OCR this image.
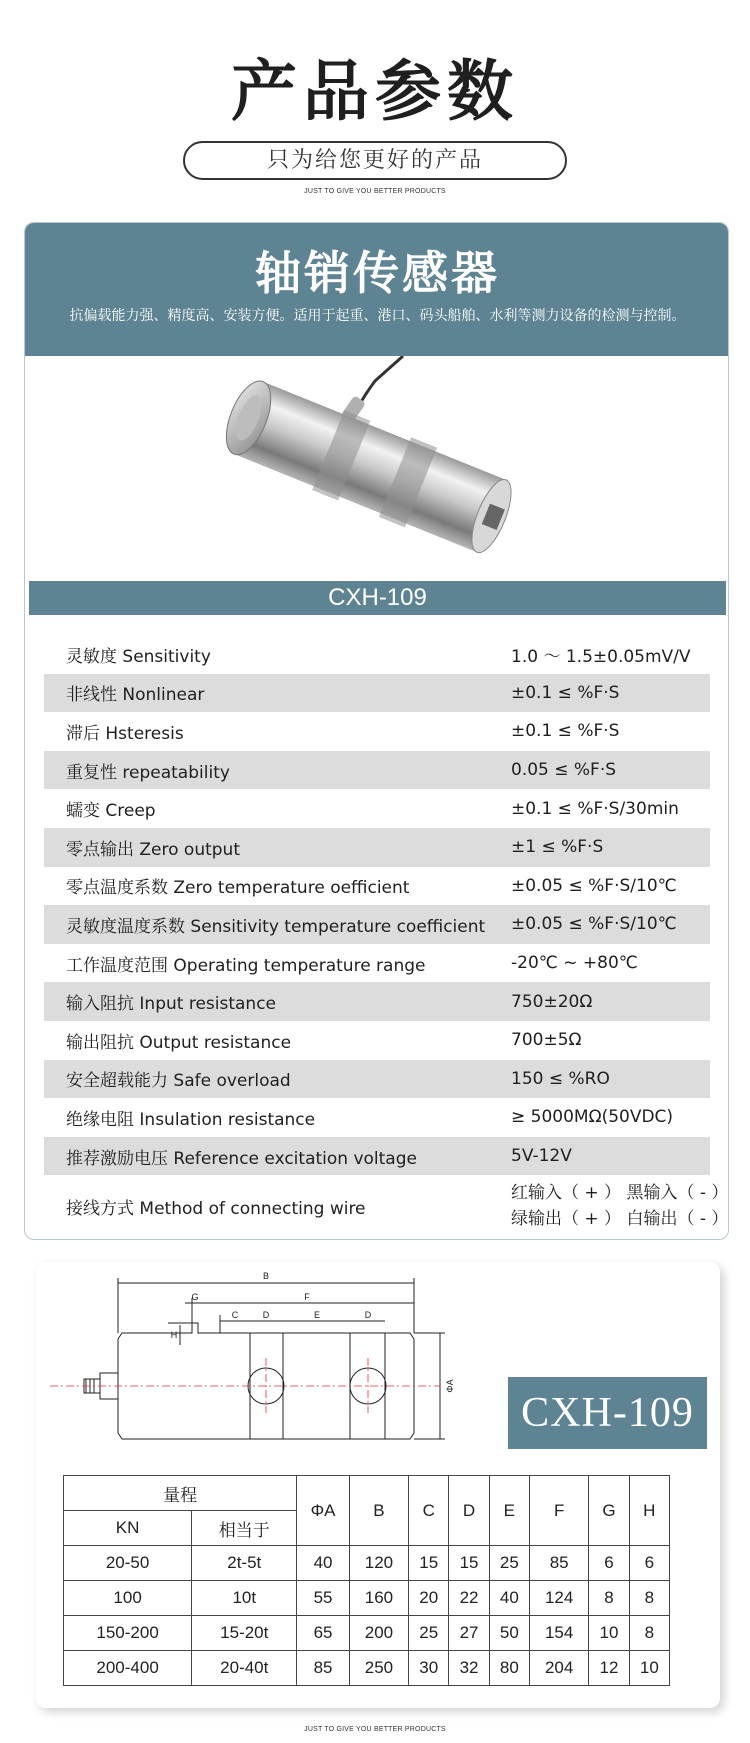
产品参数
只为给您更好的产品
JUST TO GIVE YOU BETTER PRODUCTS
轴销传感器
抗偏载能力强、精度高、安装方便。适用于起重、港口、码头船舶、水利等测力设备的检测与控制。
CXH-109
灵敏度 Sensitivity	1.0 ～ 1.5±0.05mV/V
非线性 Nonlinear	±0.1 ≤ %F·S
滞后 Hsteresis	±0.1 ≤ %F·S
重复性 repeatability	0.05 ≤ %F·S
蠕变 Creep	±0.1 ≤ %F·S/30min
零点输出 Zero output	±1 ≤ %F·S
零点温度系数 Zero temperature oefficient	±0.05 ≤ %F·S/10℃
灵敏度温度系数 Sensitivity temperature coefficient ±0.05 ≤ %F·S/10℃
工作温度范围 Operating temperature range	-20℃ ~ +80℃
输入阻抗 Input resistance	750±20Ω
输出阻抗 Output resistance	700±5Ω
安全超载能力 Safe overload	150 ≤ %RO
绝缘电阻 Insulation resistance	≥ 5000MΩ(50VDC)
推荐激励电压 Reference excitation voltage	5V-12V
接线方式 Method of connecting wire
红输入（ + ） 黑输入（ - ）
绿输出（ + ） 白输出（ - ）
B
G	F
C	D	E	D
H
ΦA
CXH-109
量程		ΦA	B	C	D	E	F	G	H
KN	相当于								
20-50	2t-5t	40	120	15	15	25	85	6	6
100	10t	55	160	20	22	40	124	8	8
150-200	15-20t	65	200	25	27	50	154	10	8
200-400	20-40t	85	250	30	32	80	204	12	10
JUST TO GIVE YOU BETTER PRODUCTS
